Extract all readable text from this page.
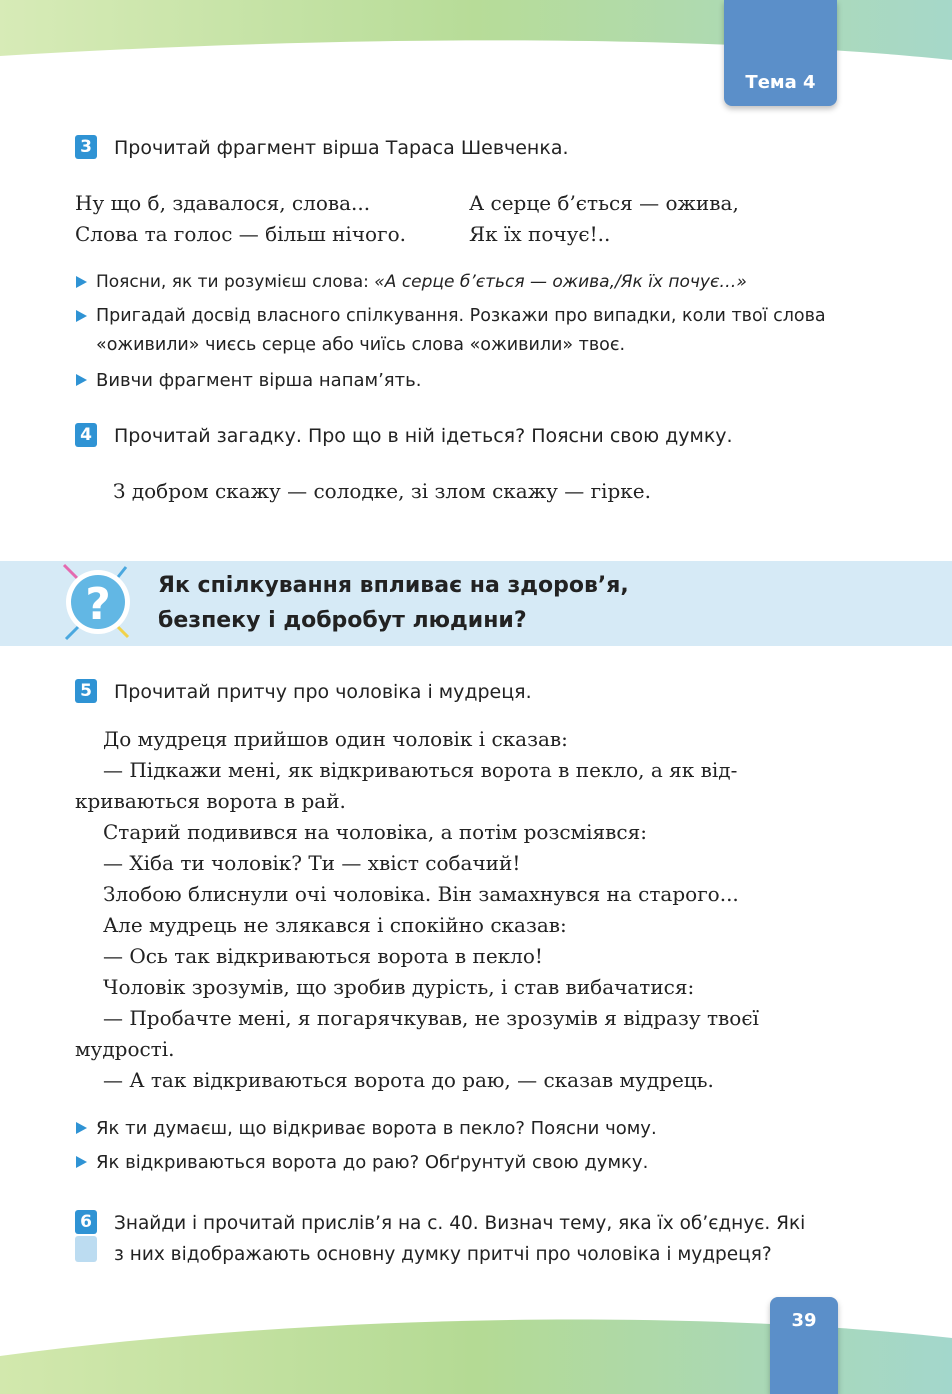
Тема 4
3 Прочитай фрагмент вірша Тараса Шевченка.
Ну що б, здавалося, слова...
Слова та голос — більш нічого.
А серце б’ється — ожива,
Як їх почує!..
Поясни, як ти розумієш слова: «А серце б’ється — ожива,/Як їх почує…»
Пригадай досвід власного спілкування. Розкажи про випадки, коли твої слова «оживили» чиєсь серце або чиїсь слова «оживили» твоє.
Вивчи фрагмент вірша напам’ять.
4 Прочитай загадку. Про що в ній ідеться? Поясни свою думку.
З добром скажу — солодке, зі злом скажу — гірке.
? Як спілкування впливає на здоров’я,
безпеку і добробут людини?
5 Прочитай притчу про чоловіка і мудреця.
До мудреця прийшов один чоловік і сказав:
— Підкажи мені, як відкриваються ворота в пекло, а як від-
криваються ворота в рай.
Старий подивився на чоловіка, а потім розсміявся:
— Хіба ти чоловік? Ти — хвіст собачий!
Злобою блиснули очі чоловіка. Він замахнувся на старого...
Але мудрець не злякався і спокійно сказав:
— Ось так відкриваються ворота в пекло!
Чоловік зрозумів, що зробив дурість, і став вибачатися:
— Пробачте мені, я погарячкував, не зрозумів я відразу твоєї
мудрості.
— А так відкриваються ворота до раю, — сказав мудрець.
Як ти думаєш, що відкриває ворота в пекло? Поясни чому.
Як відкриваються ворота до раю? Обґрунтуй свою думку.
6 Знайди і прочитай прислів’я на с. 40. Визнач тему, яка їх об’єднує. Які
з них відображають основну думку притчі про чоловіка і мудреця?
39
